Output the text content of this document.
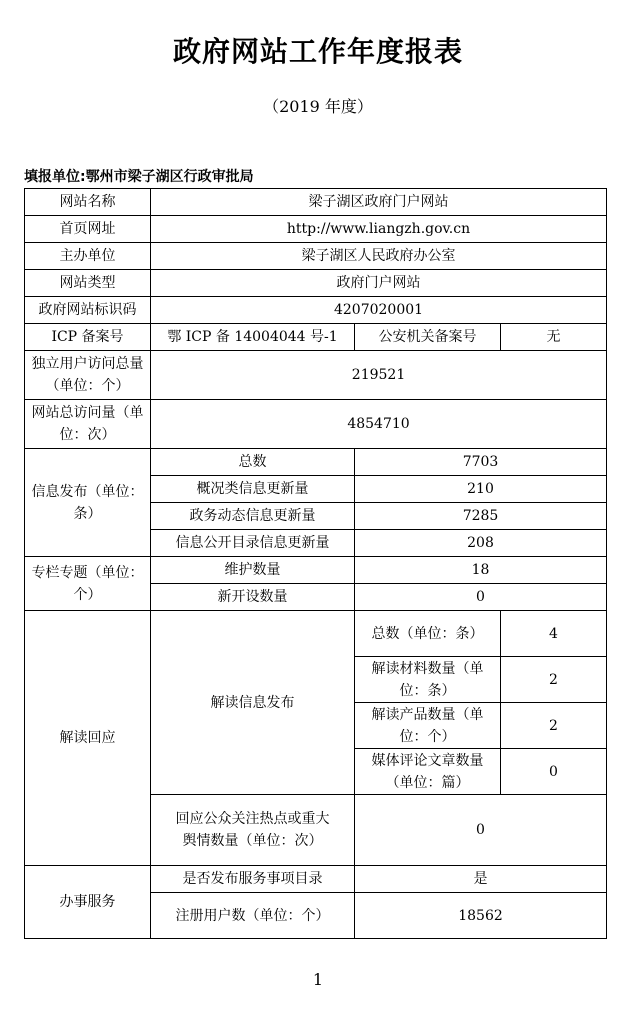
政府网站工作年度报表
（2019 年度）
填报单位:鄂州市梁子湖区行政审批局
网站名称	梁子湖区政府门户网站		
首页网址	http://www.liangzh.gov.cn		
主办单位	梁子湖区人民政府办公室		
网站类型	政府门户网站		
政府网站标识码	4207020001		
ICP 备案号	鄂 ICP 备 14004044 号-1	公安机关备案号	无
独立用户访问总量（单位：个）	219521		
网站总访问量（单位：次）	4854710		
信息发布（单位：条）	总数	7703	
	概况类信息更新量	210	
	政务动态信息更新量	7285	
	信息公开目录信息更新量	208	
专栏专题（单位：个）	维护数量	18	
	新开设数量	0	
解读回应	解读信息发布	总数（单位：条）	4
		解读材料数量（单位：条）	2
		解读产品数量（单位：个）	2
		媒体评论文章数量（单位：篇）	0
	回应公众关注热点或重大舆情数量（单位：次）	0	
办事服务	是否发布服务事项目录	是	
	注册用户数（单位：个）	18562	
1
